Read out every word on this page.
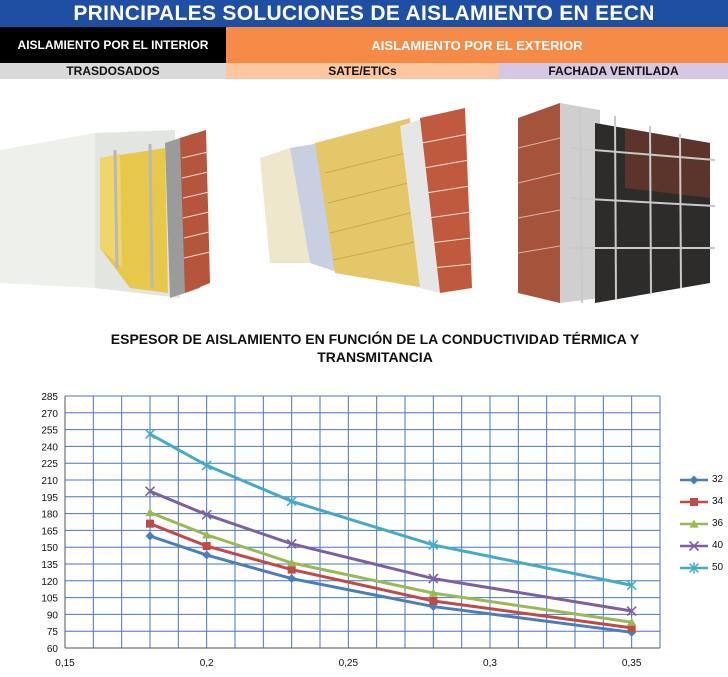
PRINCIPALES SOLUCIONES DE AISLAMIENTO EN EECN
AISLAMIENTO POR EL INTERIOR	AISLAMIENTO POR EL EXTERIOR
TRASDOSADOS	SATE/ETICs	FACHADA VENTILADA
ESPESOR DE AISLAMIENTO EN FUNCIÓN DE LA CONDUCTIVIDAD TÉRMICA Y TRANSMITANCIA
60
75
90
105
120
135
150
165
180
195
210
225
240
255
270
285
0,15	0,2	0,25	0,3	0,35
32
34
36
40
50
